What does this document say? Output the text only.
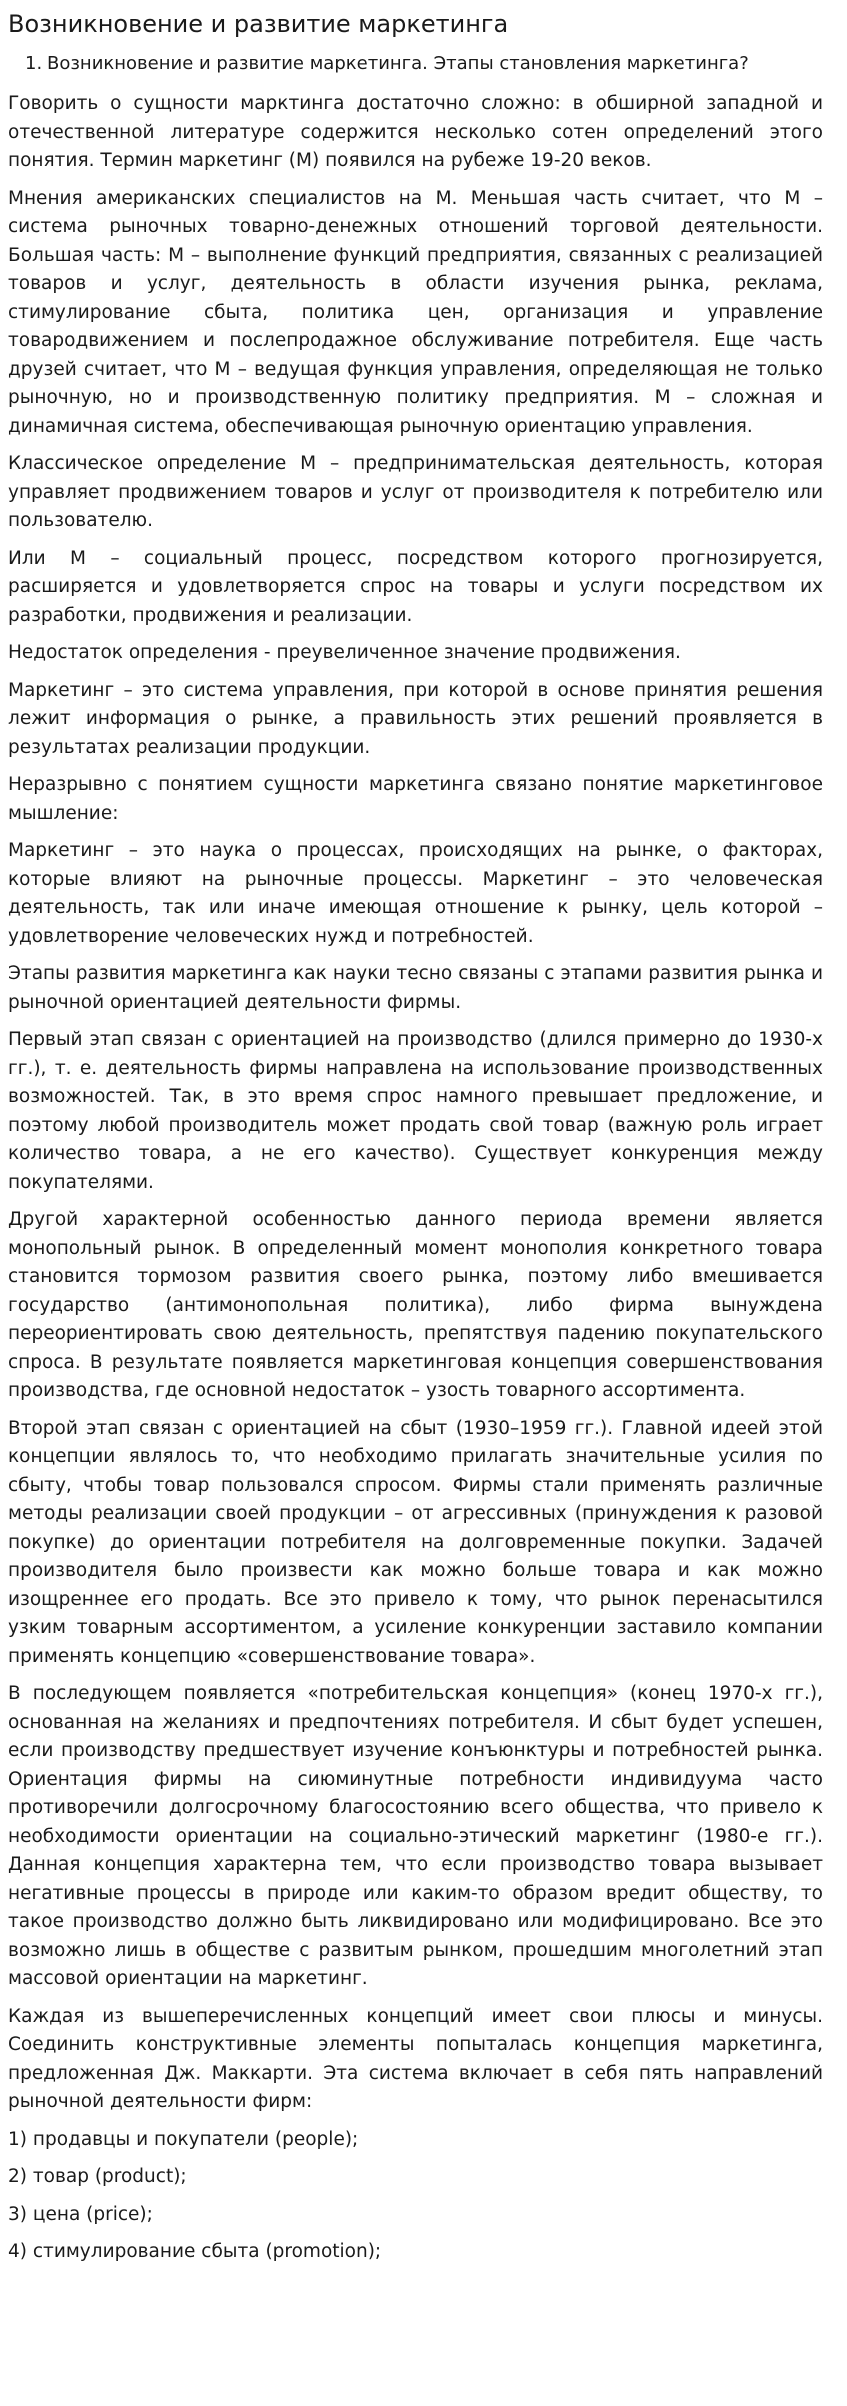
Возникновение и развитие маркетинга
1. Возникновение и развитие маркетинга. Этапы становления маркетинга?

Говорить о сущности марктинга достаточно сложно: в обширной западной и отечественной литературе содержится несколько сотен определений этого понятия. Термин маркетинг (М) появился на рубеже 19-20 веков.

Мнения американских специалистов на М. Меньшая часть считает, что М – система рыночных товарно-денежных отношений торговой деятельности. Большая часть: М – выполнение функций предприятия, связанных с реализацией товаров и услуг, деятельность в области изучения рынка, реклама, стимулирование сбыта, политика цен, организация и управление товародвижением и послепродажное обслуживание потребителя. Еще часть друзей считает, что М – ведущая функция управления, определяющая не только рыночную, но и производственную политику предприятия. М – сложная и динамичная система, обеспечивающая рыночную ориентацию управления.

Классическое определение М – предпринимательская деятельность, которая управляет продвижением товаров и услуг от производителя к потребителю или пользователю.

Или М – социальный процесс, посредством которого прогнозируется, расширяется и удовлетворяется спрос на товары и услуги посредством их разработки, продвижения и реализации.

Недостаток определения - преувеличенное значение продвижения.

Маркетинг – это система управления, при которой в основе принятия решения лежит информация о рынке, а правильность этих решений проявляется в результатах реализации продукции.

Неразрывно с понятием сущности маркетинга связано понятие маркетинговое мышление:

Маркетинг – это наука о процессах, происходящих на рынке, о факторах, которые влияют на рыночные процессы. Маркетинг – это человеческая деятельность, так или иначе имеющая отношение к рынку, цель которой –удовлетворение человеческих нужд и потребностей.

Этапы развития маркетинга как науки тесно связаны с этапами развития рынка и рыночной ориентацией деятельности фирмы.

Первый этап связан с ориентацией на производство (длился примерно до 1930-х гг.), т. е. деятельность фирмы направлена на использование производственных возможностей. Так, в это время спрос намного превышает предложение, и поэтому любой производитель может продать свой товар (важную роль играет количество товара, а не его качество). Существует конкуренция между покупателями.

Другой характерной особенностью данного периода времени является монопольный рынок. В определенный момент монополия конкретного товара становится тормозом развития своего рынка, поэтому либо вмешивается государство (антимонопольная политика), либо фирма вынуждена переориентировать свою деятельность, препятствуя падению покупательского спроса. В результате появляется маркетинговая концепция совершенствования производства, где основной недостаток – узость товарного ассортимента.

Второй этап связан с ориентацией на сбыт (1930–1959 гг.). Главной идеей этой концепции являлось то, что необходимо прилагать значительные усилия по сбыту, чтобы товар пользовался спросом. Фирмы стали применять различные методы реализации своей продукции – от агрессивных (принуждения к разовой покупке) до ориентации потребителя на долговременные покупки. Задачей производителя было произвести как можно больше товара и как можно изощреннее его продать. Все это привело к тому, что рынок перенасытился узким товарным ассортиментом, а усиление конкуренции заставило компании применять концепцию «совершенствование товара».

В последующем появляется «потребительская концепция» (конец 1970-х гг.), основанная на желаниях и предпочтениях потребителя. И сбыт будет успешен, если производству предшествует изучение конъюнктуры и потребностей рынка. Ориентация фирмы на сиюминутные потребности индивидуума часто противоречили долгосрочному благосостоянию всего общества, что привело к необходимости ориентации на социально-этический маркетинг (1980-е гг.). Данная концепция характерна тем, что если производство товара вызывает негативные процессы в природе или каким-то образом вредит обществу, то такое производство должно быть ликвидировано или модифицировано. Все это возможно лишь в обществе с развитым рынком, прошедшим многолетний этап массовой ориентации на маркетинг.

Каждая из вышеперечисленных концепций имеет свои плюсы и минусы. Соединить конструктивные элементы попыталась концепция маркетинга, предложенная Дж. Маккарти. Эта система включает в себя пять направлений рыночной деятельности фирм:

1) продавцы и покупатели (people);

2) товар (product);

3) цена (price);

4) стимулирование сбыта (promotion);
